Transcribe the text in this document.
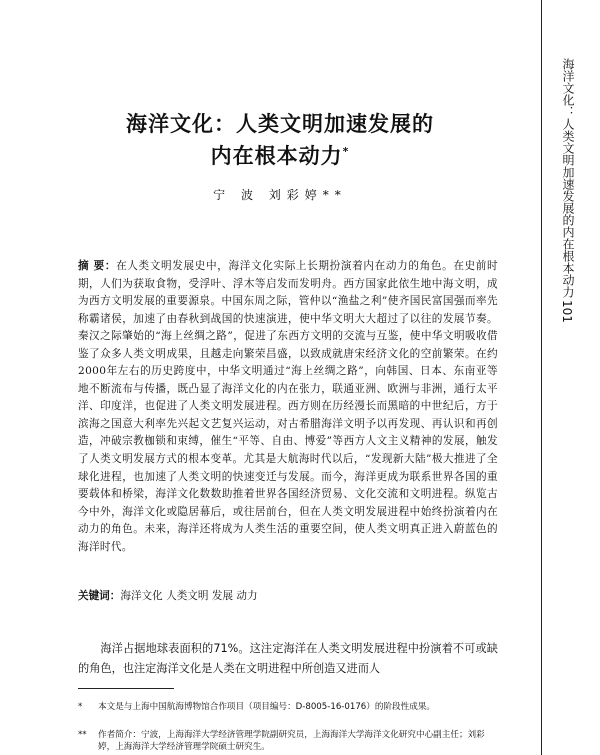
海洋文化：人类文明加速发展的内在根本动力
101
海洋文化：人类文明加速发展的
内在根本动力*
宁 波 刘彩婷**
摘 要：在人类文明发展史中，海洋文化实际上长期扮演着内在动力的角色。在史前时期，人们为获取食物，受浮叶、浮木等启发而发明舟。西方国家此依生地中海文明，成为西方文明发展的重要源泉。中国东周之际，管仲以“渔盐之利”使齐国民富国强而率先称霸诸侯，加速了由春秋到战国的快速演进，使中华文明大大超过了以往的发展节奏。秦汉之际肇始的“海上丝绸之路”，促进了东西方文明的交流与互鉴，使中华文明吸收借鉴了众多人类文明成果，且越走向繁荣昌盛，以致成就唐宋经济文化的空前繁荣。在约2000年左右的历史跨度中，中华文明通过“海上丝绸之路”，向韩国、日本、东南亚等地不断流布与传播，既凸显了海洋文化的内在张力，联通亚洲、欧洲与非洲，通行太平洋、印度洋，也促进了人类文明发展进程。西方则在历经漫长而黑暗的中世纪后，方于滨海之国意大利率先兴起文艺复兴运动，对古希腊海洋文明予以再发现、再认识和再创造，冲破宗教枷锁和束缚，催生“平等、自由、博爱”等西方人文主义精神的发展，触发了人类文明发展方式的根本变革。尤其是大航海时代以后，“发现新大陆”极大推进了全球化进程，也加速了人类文明的快速变迁与发展。而今，海洋更成为联系世界各国的重要载体和桥梁，海洋文化数数助推着世界各国经济贸易、文化交流和文明进程。纵览古今中外，海洋文化或隐居幕后，或往居前台，但在人类文明发展进程中始终扮演着内在动力的角色。未来，海洋还将成为人类生活的重要空间，使人类文明真正进入蔚蓝色的海洋时代。
关键词：海洋文化 人类文明 发展 动力
海洋占据地球表面积的71%。这注定海洋在人类文明发展进程中扮演着不可或缺的角色，也注定海洋文化是人类在文明进程中所创造又进而人
* 本文是与上海中国航海博物馆合作项目（项目编号：D-8005-16-0176）的阶段性成果。
** 作者简介：宁波，上海海洋大学经济管理学院副研究员，上海海洋大学海洋文化研究中心副主任；刘彩婷，上海海洋大学经济管理学院硕士研究生。
